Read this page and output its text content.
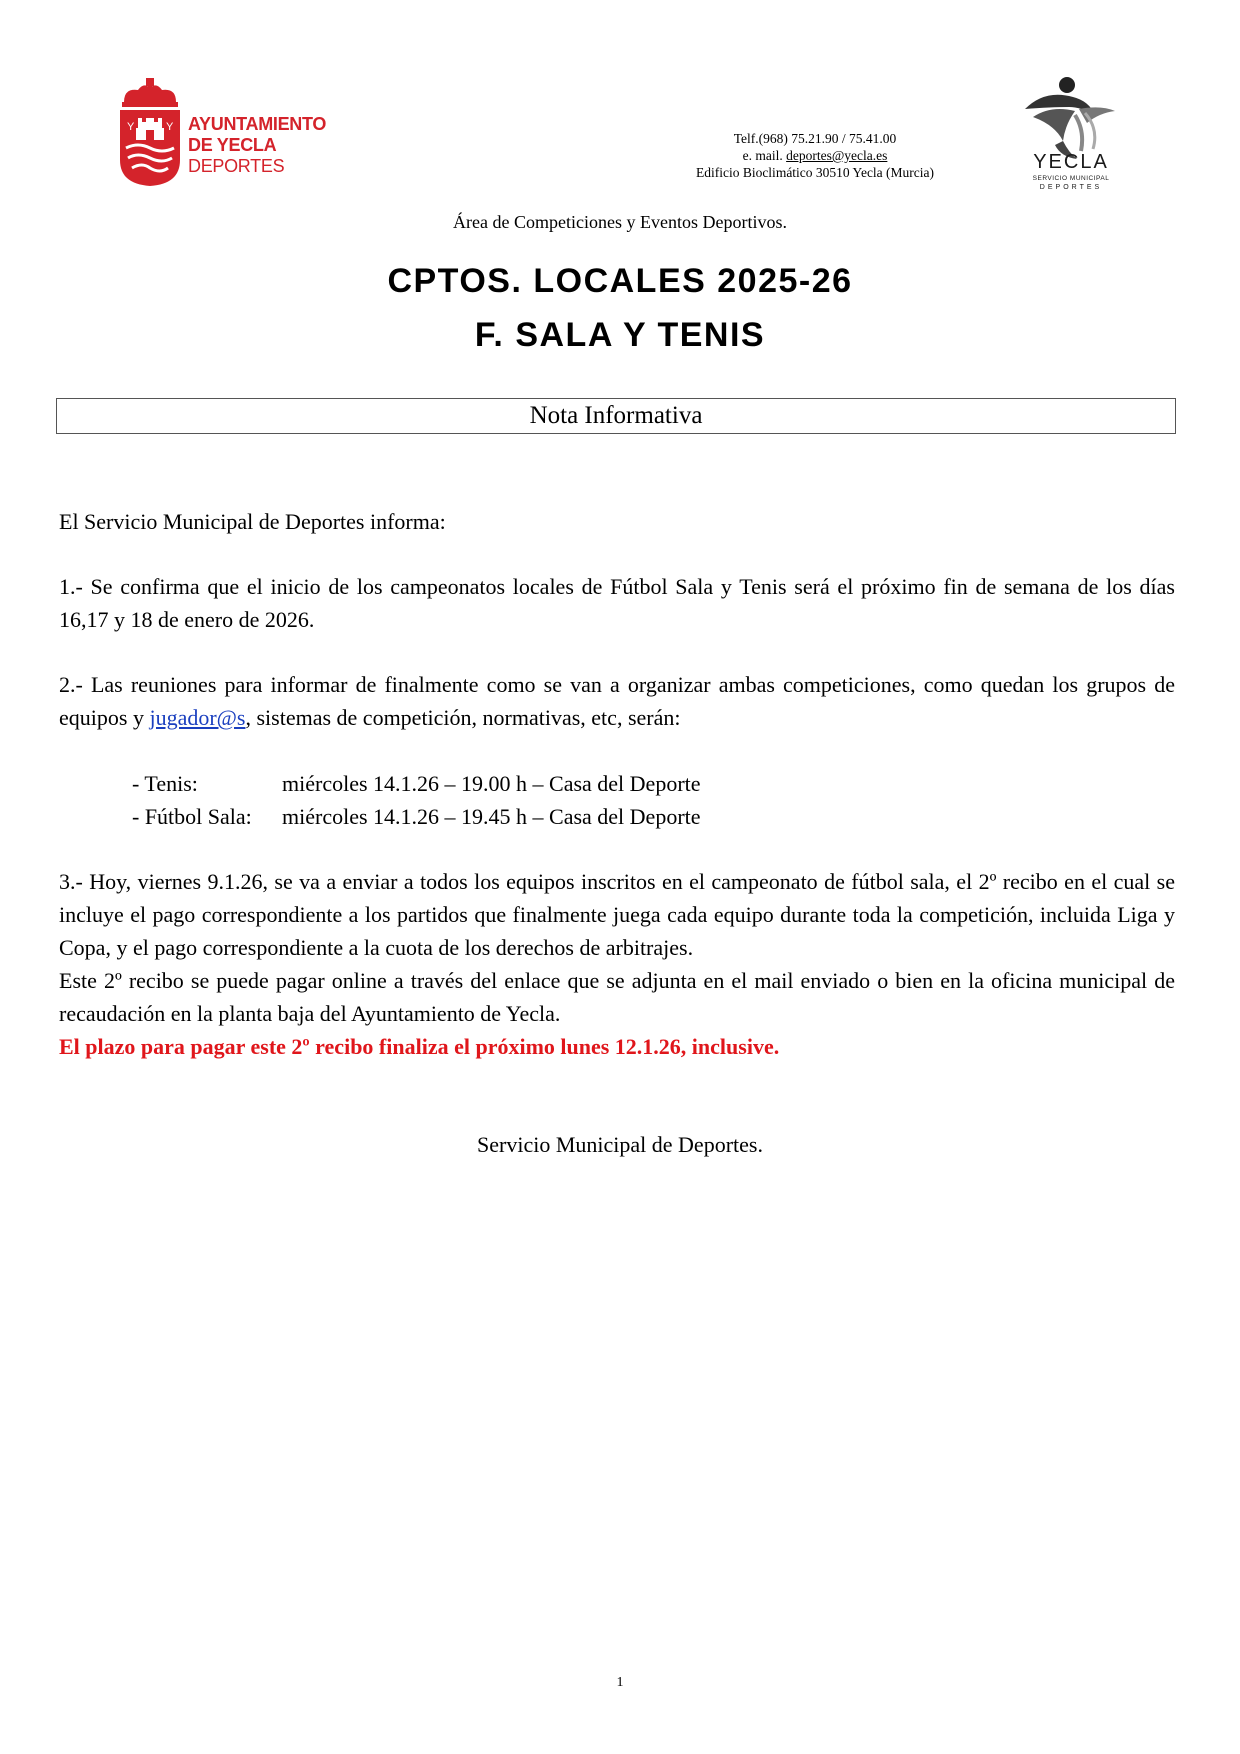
Y	Y AYUNTAMIENTO
DE YECLA
DEPORTES
Telf.(968) 75.21.90 / 75.41.00
e. mail. deportes@yecla.es
Edificio Bioclimático 30510 Yecla (Murcia)	YECLA
SERVICIO MUNICIPAL
DEPORTES
Área de Competiciones y Eventos Deportivos.
CPTOS. LOCALES 2025-26
F. SALA Y TENIS
Nota Informativa
El Servicio Municipal de Deportes informa:
1.- Se confirma que el inicio de los campeonatos locales de Fútbol Sala y Tenis será el próximo fin de semana de los días 16,17 y 18 de enero de 2026.
2.- Las reuniones para informar de finalmente como se van a organizar ambas competiciones, como quedan los grupos de equipos y jugador@s, sistemas de competición, normativas, etc, serán:
- Tenis:	miércoles 14.1.26 – 19.00 h – Casa del Deporte
- Fútbol Sala: miércoles 14.1.26 – 19.45 h – Casa del Deporte
3.- Hoy, viernes 9.1.26, se va a enviar a todos los equipos inscritos en el campeonato de fútbol sala, el 2º recibo en el cual se incluye el pago correspondiente a los partidos que finalmente juega cada equipo durante toda la competición, incluida Liga y Copa, y el pago correspondiente a la cuota de los derechos de arbitrajes.
Este 2º recibo se puede pagar online a través del enlace que se adjunta en el mail enviado o bien en la oficina municipal de recaudación en la planta baja del Ayuntamiento de Yecla.
El plazo para pagar este 2º recibo finaliza el próximo lunes 12.1.26, inclusive.
Servicio Municipal de Deportes.
1
